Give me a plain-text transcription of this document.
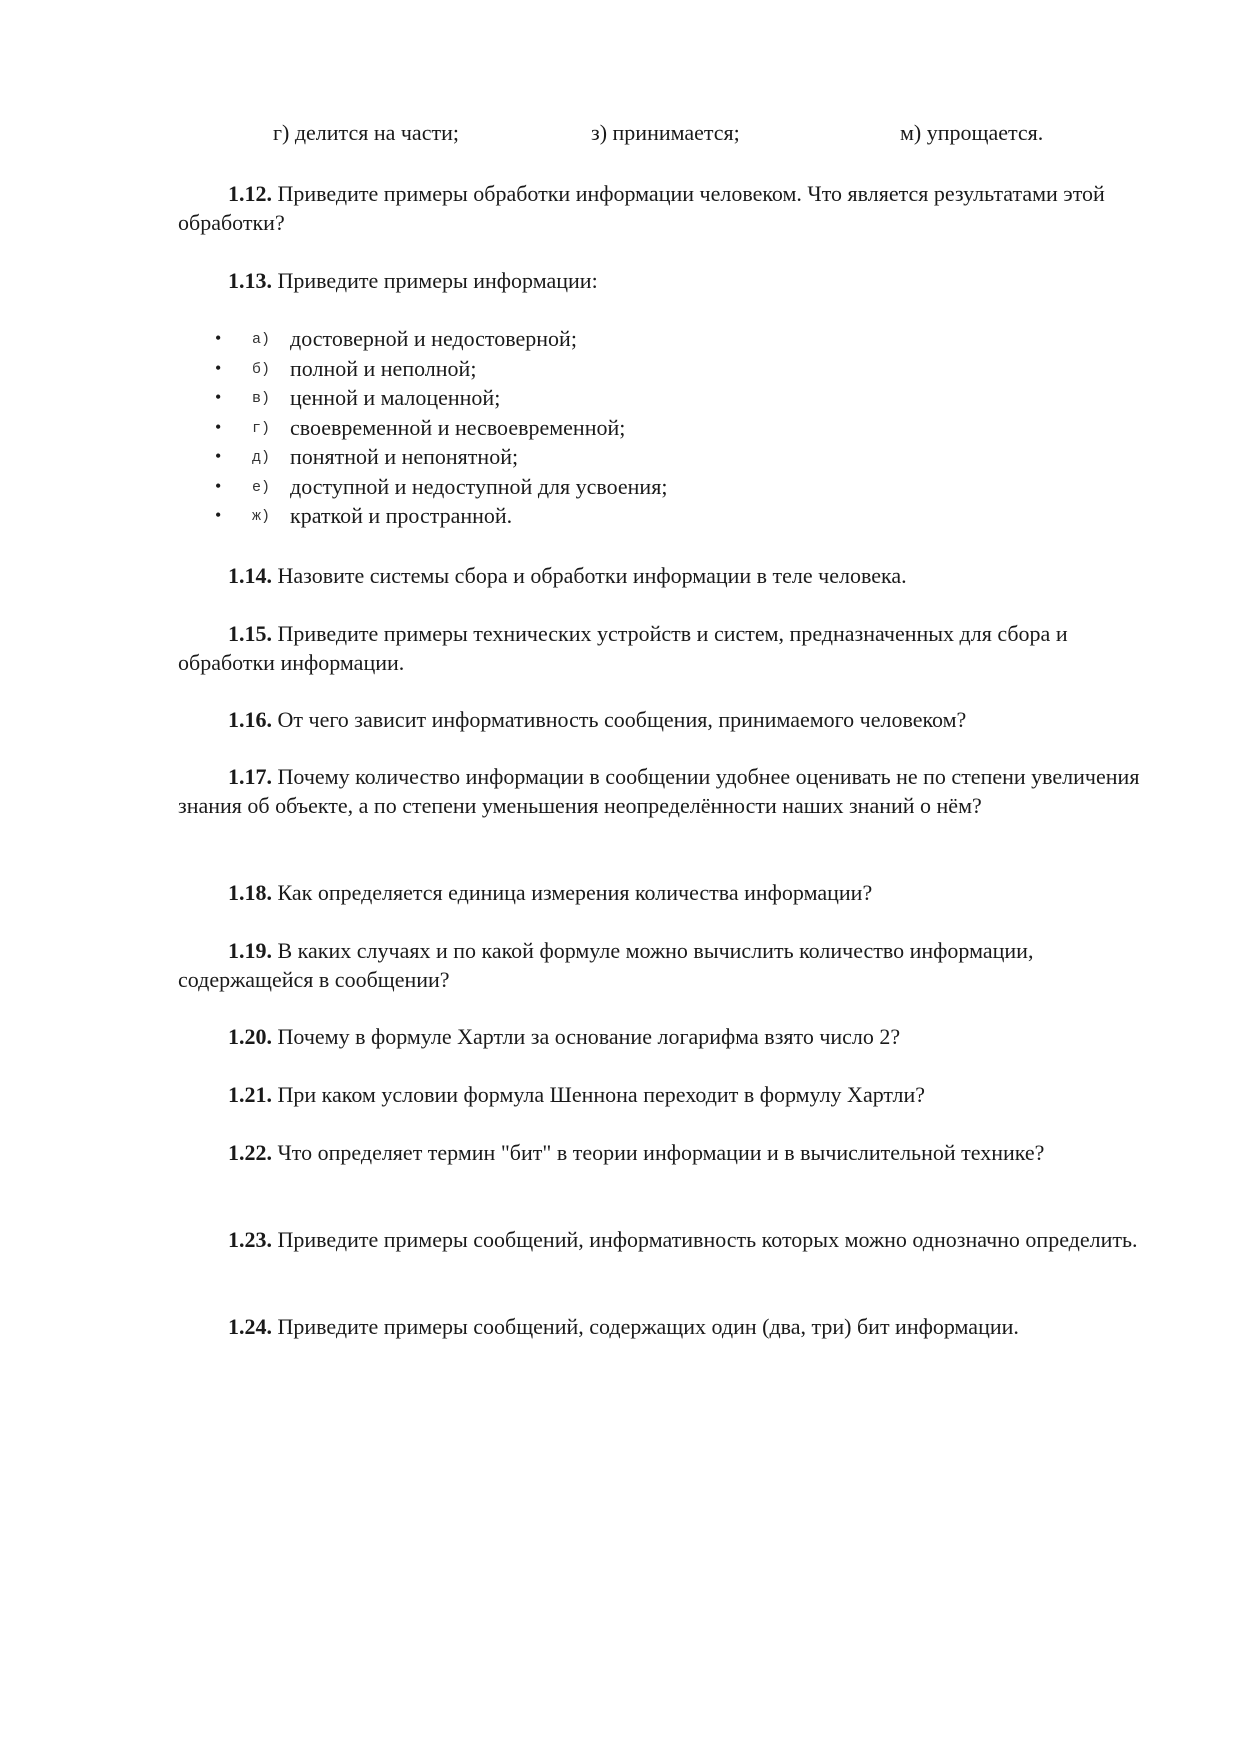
г) делится на части;	з) принимается;	м) упрощается.

1.12. Приведите примеры обработки информации человеком. Что является результатами этой обработки?

1.13. Приведите примеры информации:

• а) достоверной и недостоверной;
• б) полной и неполной;
• в) ценной и малоценной;
• г) своевременной и несвоевременной;
• д) понятной и непонятной;
• е) доступной и недоступной для усвоения;
• ж) краткой и пространной.

1.14. Назовите системы сбора и обработки информации в теле человека.

1.15. Приведите примеры технических устройств и систем, предназначенных для сбора и обработки информации.

1.16. От чего зависит информативность сообщения, принимаемого человеком?

1.17. Почему количество информации в сообщении удобнее оценивать не по степени увеличения знания об объекте, а по степени уменьшения неопределённости наших знаний о нём?

1.18. Как определяется единица измерения количества информации?

1.19. В каких случаях и по какой формуле можно вычислить количество информации, содержащейся в сообщении?

1.20. Почему в формуле Хартли за основание логарифма взято число 2?

1.21. При каком условии формула Шеннона переходит в формулу Хартли?

1.22. Что определяет термин "бит" в теории информации и в вычислительной технике?

1.23. Приведите примеры сообщений, информативность которых можно однозначно определить.

1.24. Приведите примеры сообщений, содержащих один (два, три) бит информации.
